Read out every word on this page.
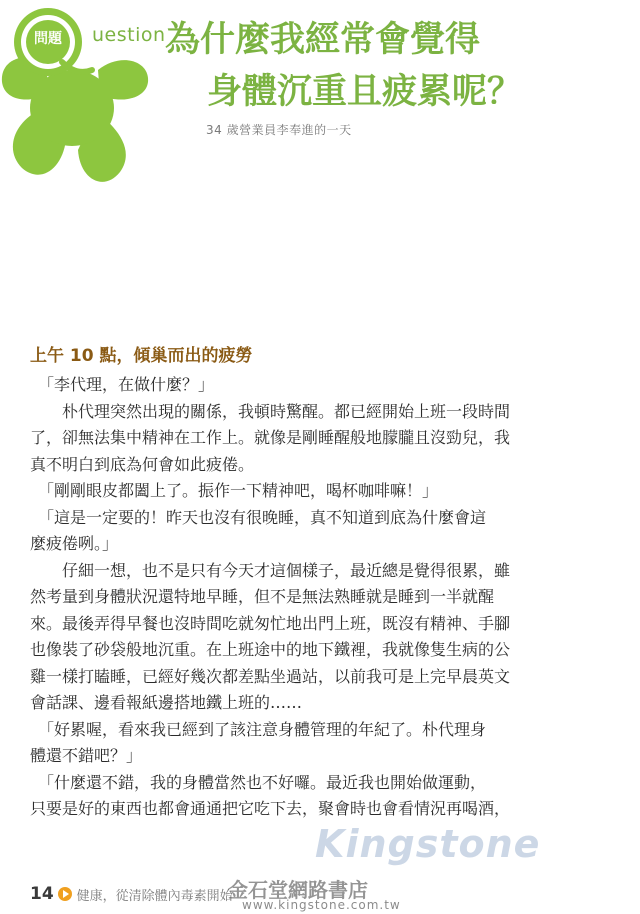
問題	uestion 為什麼我經常會覺得
身體沉重且疲累呢？
34 歲營業員李奉進的一天
上午 10 點，傾巢而出的疲勞

　「李代理，在做什麼？」

　　朴代理突然出現的關係，我頓時驚醒。都已經開始上班一段時間

了，卻無法集中精神在工作上。就像是剛睡醒般地朦朧且沒勁兒，我

真不明白到底為何會如此疲倦。

　「剛剛眼皮都闔上了。振作一下精神吧，喝杯咖啡嘛！」

　「這是一定要的！昨天也沒有很晚睡，真不知道到底為什麼會這

麼疲倦咧。」

　　仔細一想，也不是只有今天才這個樣子，最近總是覺得很累，雖

然考量到身體狀況還特地早睡，但不是無法熟睡就是睡到一半就醒

來。最後弄得早餐也沒時間吃就匆忙地出門上班，既沒有精神、手腳

也像裝了砂袋般地沉重。在上班途中的地下鐵裡，我就像隻生病的公

雞一樣打瞌睡，已經好幾次都差點坐過站，以前我可是上完早晨英文

會話課、邊看報紙邊搭地鐵上班的……

　「好累喔，看來我已經到了該注意身體管理的年紀了。朴代理身

體還不錯吧？」

　「什麼還不錯，我的身體當然也不好囉。最近我也開始做運動，

只要是好的東西也都會通通把它吃下去，聚會時也會看情況再喝酒，

Kingstone
14 健康，從清除體內毒素開始
金石堂網路書店
www.kingstone.com.tw
